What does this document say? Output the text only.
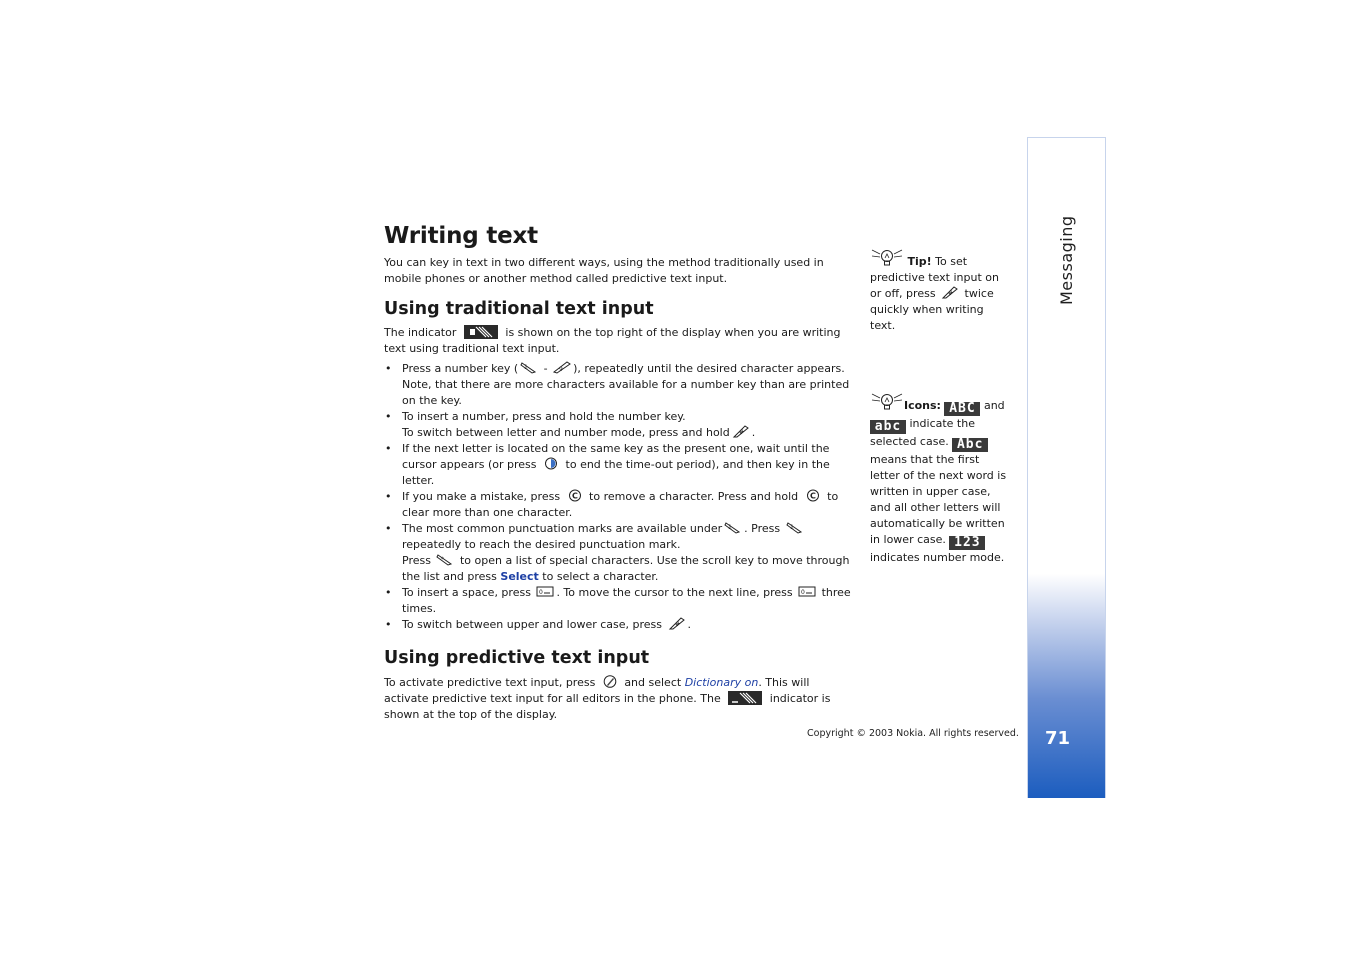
Messaging
71
Copyright © 2003 Nokia. All rights reserved.
Writing text

You can key in text in two different ways, using the method traditionally used in mobile phones or another method called predictive text input.

Using traditional text input

The indicator	is shown on the top right of the display when you are writing text using traditional text input.

• Press a number key ( 1 - 9 ), repeatedly until the desired character appears. Note, that there are more characters available for a number key than are printed on the key.
• To insert a number, press and hold the number key.
To switch between letter and number mode, press and hold # .
• If the next letter is located on the same key as the present one, wait until the cursor appears (or press	to end the time-out period), and then key in the letter.
• If you make a mistake, press C to remove a character. Press and hold C to clear more than one character.
• The most common punctuation marks are available under 1 . Press 1
repeatedly to reach the desired punctuation mark.
Press * to open a list of special characters. Use the scroll key to move through the list and press Select to select a character.
• To insert a space, press 0 . To move the cursor to the next line, press 0 three times.
• To switch between upper and lower case, press # .
Using predictive text input

To activate predictive text input, press	and select Dictionary on. This will activate predictive text input for all editors in the phone. The	indicator is shown at the top of the display.

Tip! To set predictive text input on or off, press # twice quickly when writing text.
Icons: ABC and abc indicate the selected case. Abc means that the first letter of the next word is written in upper case, and all other letters will automatically be written in lower case. 123 indicates number mode.
